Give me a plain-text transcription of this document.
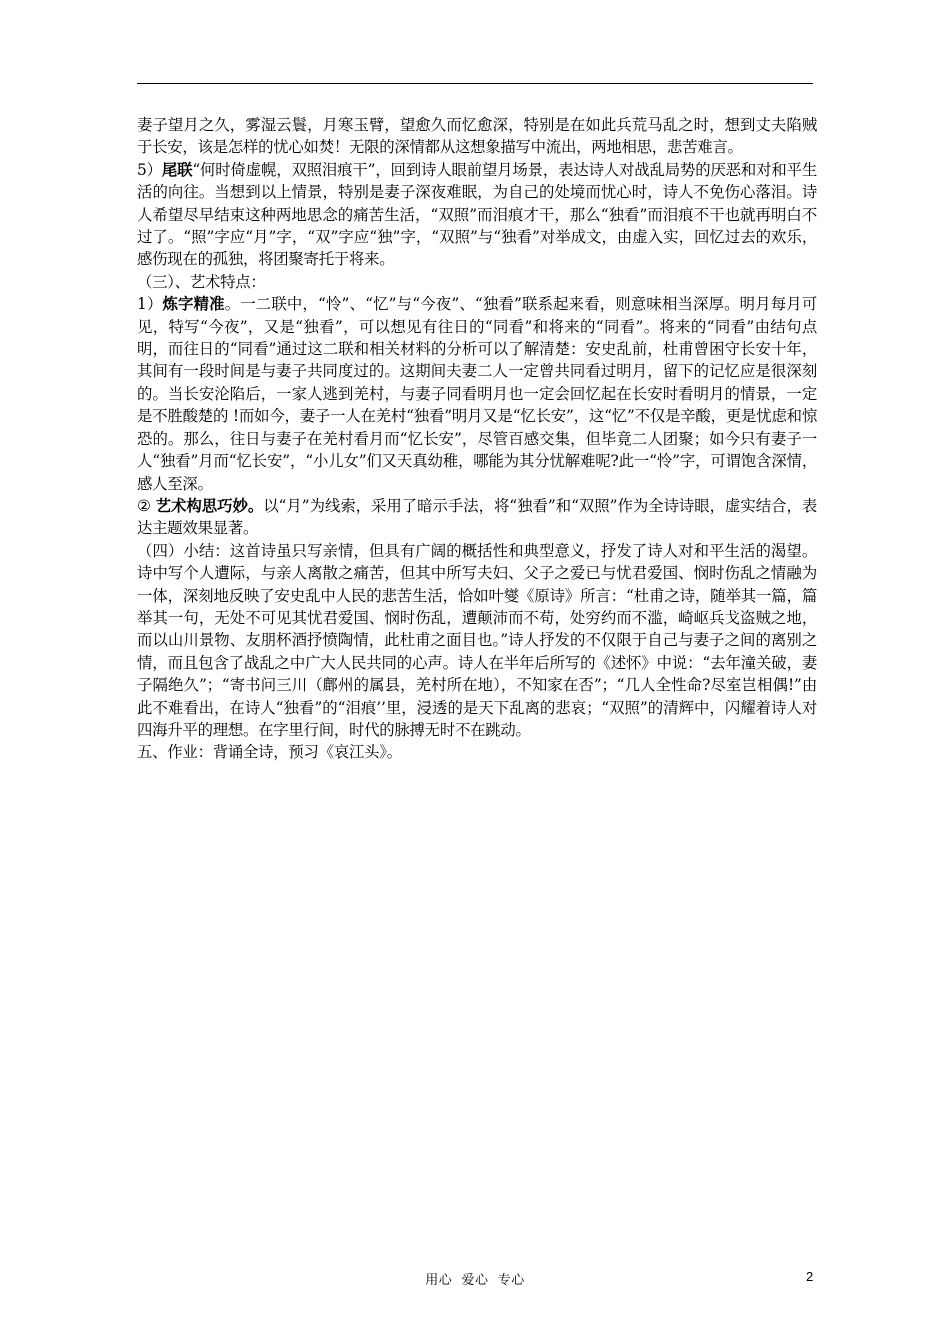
妻子望月之久，雾湿云鬟，月寒玉臂，望愈久而忆愈深，特别是在如此兵荒马乱之时，想到丈夫陷贼于长安，该是怎样的忧心如焚！无限的深情都从这想象描写中流出，两地相思，悲苦难言。

5）尾联“何时倚虚幌，双照泪痕干”，回到诗人眼前望月场景，表达诗人对战乱局势的厌恶和对和平生活的向往。当想到以上情景，特别是妻子深夜难眠，为自己的处境而忧心时，诗人不免伤心落泪。诗人希望尽早结束这种两地思念的痛苦生活，“双照”而泪痕才干，那么“独看”而泪痕不干也就再明白不过了。“照”字应“月”字，“双”字应“独”字，“双照”与“独看”对举成文，由虚入实，回忆过去的欢乐，感伤现在的孤独，将团聚寄托于将来。

（三）、艺术特点：

1）炼字精准。一二联中，“怜”、“忆”与“今夜”、“独看”联系起来看，则意味相当深厚。明月每月可见，特写“今夜”，又是“独看”，可以想见有往日的“同看”和将来的“同看”。将来的“同看”由结句点明，而往日的“同看”通过这二联和相关材料的分析可以了解清楚：安史乱前，杜甫曾困守长安十年，其间有一段时间是与妻子共同度过的。这期间夫妻二人一定曾共同看过明月，留下的记忆应是很深刻的。当长安沦陷后，一家人逃到羌村，与妻子同看明月也一定会回忆起在长安时看明月的情景，一定是不胜酸楚的 !而如今，妻子一人在羌村“独看”明月又是“忆长安”，这“忆”不仅是辛酸，更是忧虑和惊恐的。那么，往日与妻子在羌村看月而“忆长安”，尽管百感交集，但毕竟二人团聚；如今只有妻子一人“独看”月而“忆长安”，“小儿女”们又天真幼稚，哪能为其分忧解难呢?此一“怜”字，可谓饱含深情，感人至深。

② 艺术构思巧妙。以“月”为线索，采用了暗示手法，将“独看”和“双照”作为全诗诗眼，虚实结合，表达主题效果显著。

（四）小结：这首诗虽只写亲情，但具有广阔的概括性和典型意义，抒发了诗人对和平生活的渴望。诗中写个人遭际，与亲人离散之痛苦，但其中所写夫妇、父子之爱已与忧君爱国、悯时伤乱之情融为一体，深刻地反映了安史乱中人民的悲苦生活，恰如叶燮《原诗》所言：“杜甫之诗，随举其一篇，篇举其一句，无处不可见其忧君爱国、悯时伤乱，遭颠沛而不苟，处穷约而不滥，崎岖兵戈盗贼之地，而以山川景物、友朋杯酒抒愤陶情，此杜甫之面目也。”诗人抒发的不仅限于自己与妻子之间的离别之情，而且包含了战乱之中广大人民共同的心声。诗人在半年后所写的《述怀》中说：“去年潼关破，妻子隔绝久”；“寄书问三川（鄜州的属县，羌村所在地），不知家在否”；“几人全性命?尽室岂相偶!”由此不难看出，在诗人“独看”的“泪痕’’里，浸透的是天下乱离的悲哀；“双照”的清辉中，闪耀着诗人对四海升平的理想。在字里行间，时代的脉搏无时不在跳动。

五、作业：背诵全诗，预习《哀江头》。

用心  爱心  专心	2
